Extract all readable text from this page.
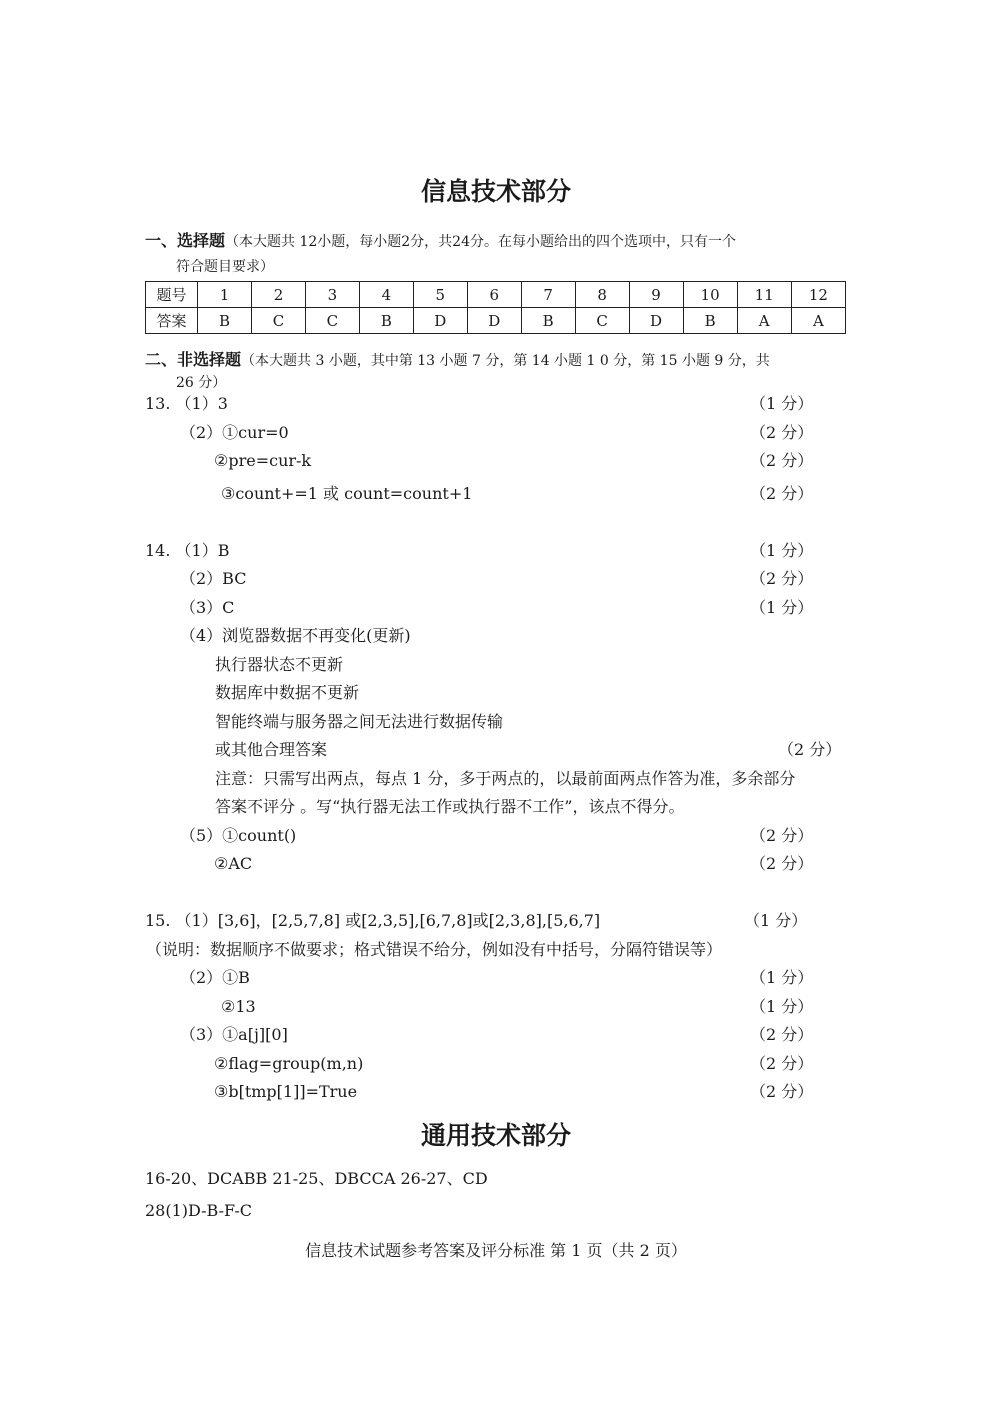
信息技术部分
一、选择题（本大题共 12小题，每小题2分，共24分。在每小题给出的四个选项中，只有一个
符合题目要求）
题号	1	2	3	4	5	6	7	8	9	10	11	12
答案	B	C	C	B	D	D	B	C	D	B	A	A
二、非选择题（本大题共 3 小题，其中第 13 小题 7 分，第 14 小题 1 0 分，第 15 小题 9 分，共
26 分）
13. （1）3	（1 分）
（2）①cur=0	（2 分）
②pre=cur-k	（2 分）
③count+=1 或 count=count+1	（2 分）
14. （1）B	（1 分）
（2）BC	（2 分）
（3）C	（1 分）
（4）浏览器数据不再变化(更新)
执行器状态不更新
数据库中数据不更新
智能终端与服务器之间无法进行数据传输
或其他合理答案	（2 分）
注意：只需写出两点，每点 1 分，多于两点的，以最前面两点作答为准，多余部分
答案不评分 。写“执行器无法工作或执行器不工作”，该点不得分。
（5）①count()	（2 分）
②AC	（2 分）
15. （1）[3,6]，[2,5,7,8] 或[2,3,5],[6,7,8]或[2,3,8],[5,6,7]	（1 分）
（说明：数据顺序不做要求；格式错误不给分，例如没有中括号，分隔符错误等）
（2）①B	（1 分）
②13	（1 分）
（3）①a[j][0]	（2 分）
②flag=group(m,n)	（2 分）
③b[tmp[1]]=True	（2 分）
通用技术部分
16-20、DCABB 21-25、DBCCA 26-27、CD
28(1)D-B-F-C
信息技术试题参考答案及评分标准 第 1 页（共 2 页）
